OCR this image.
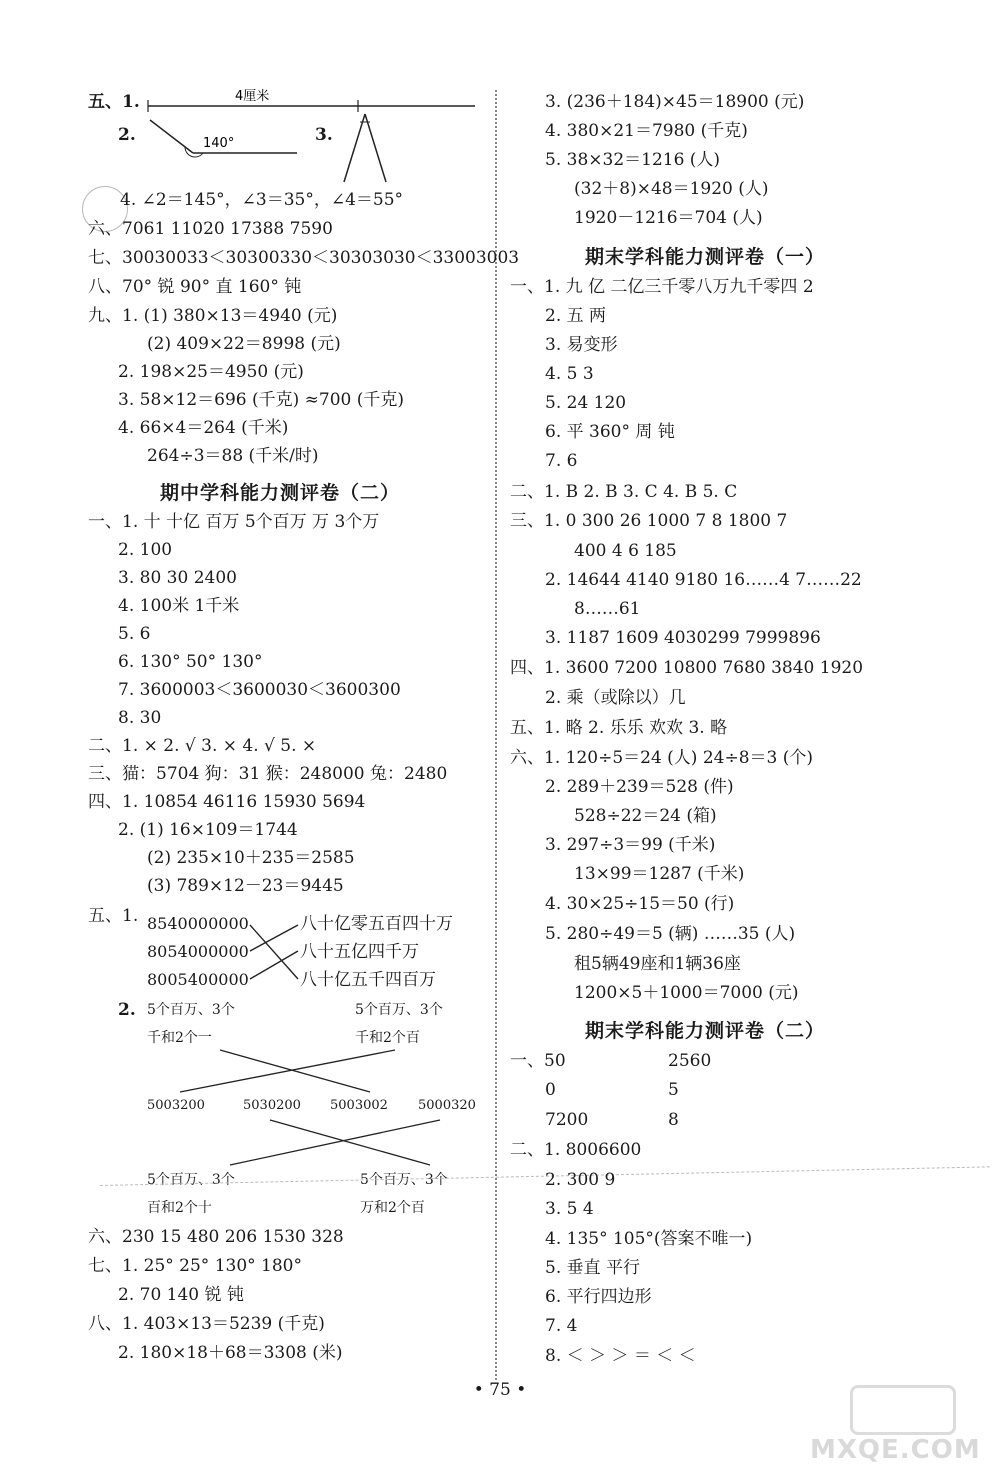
五、1.	4厘米
2.	140°	3.
4. ∠2＝145°，∠3＝35°，∠4＝55°
六、7061 11020 17388 7590
七、30030033＜30300330＜30303030＜33003003
八、70° 锐 90° 直 160° 钝
九、1. (1) 380×13＝4940 (元)
(2) 409×22＝8998 (元)
2. 198×25＝4950 (元)
3. 58×12＝696 (千克) ≈700 (千克)
4. 66×4＝264 (千米)
264÷3＝88 (千米/时)
期中学科能力测评卷（二）
一、1. 十 十亿 百万 5个百万 万 3个万
2. 100
3. 80 30 2400
4. 100米 1千米
5. 6
6. 130° 50° 130°
7. 3600003＜3600030＜3600300
8. 30
二、1. × 2. √ 3. × 4. √ 5. ×
三、猫：5704 狗：31 猴：248000 兔：2480
四、1. 10854 46116 15930 5694
2. (1) 16×109＝1744
(2) 235×10＋235＝2585
(3) 789×12－23＝9445
五、1. 8540000000
8054000000
8005400000
八十亿零五百四十万
八十五亿四千万
八十亿五千四百万
2. 5个百万、3个
千和2个一
5个百万、3个
千和2个百
5003200	5030200 5003002 5000320
5个百万、3个
百和2个十
5个百万、3个
万和2个百
六、230 15 480 206 1530 328
七、1. 25° 25° 130° 180°
2. 70 140 锐 钝
八、1. 403×13＝5239 (千克)
2. 180×18＋68＝3308 (米)
3. (236＋184)×45＝18900 (元)
4. 380×21＝7980 (千克)
5. 38×32＝1216 (人)
(32＋8)×48＝1920 (人)
1920－1216＝704 (人)
期末学科能力测评卷（一）
一、1. 九 亿 二亿三千零八万九千零四 2
2. 五 两
3. 易变形
4. 5 3
5. 24 120
6. 平 360° 周 钝
7. 6
二、1. B 2. B 3. C 4. B 5. C
三、1. 0 300 26 1000 7 8 1800 7
400 4 6 185
2. 14644 4140 9180 16……4 7……22
8……61
3. 1187 1609 4030299 7999896
四、1. 3600 7200 10800 7680 3840 1920
2. 乘（或除以）几
五、1. 略 2. 乐乐 欢欢 3. 略
六、1. 120÷5＝24 (人) 24÷8＝3 (个)
2. 289＋239＝528 (件)
528÷22＝24 (箱)
3. 297÷3＝99 (千米)
13×99＝1287 (千米)
4. 30×25÷15＝50 (行)
5. 280÷49＝5 (辆) ……35 (人)
租5辆49座和1辆36座
1200×5＋1000＝7000 (元)
期末学科能力测评卷（二）
一、50	2560
0	5
7200	8
二、1. 8006600
2. 300 9
3. 5 4
4. 135° 105°(答案不唯一)
5. 垂直 平行
6. 平行四边形
7. 4
8. ＜ ＞ ＞ ＝ ＜ ＜
• 75 •
MXQE.COM
